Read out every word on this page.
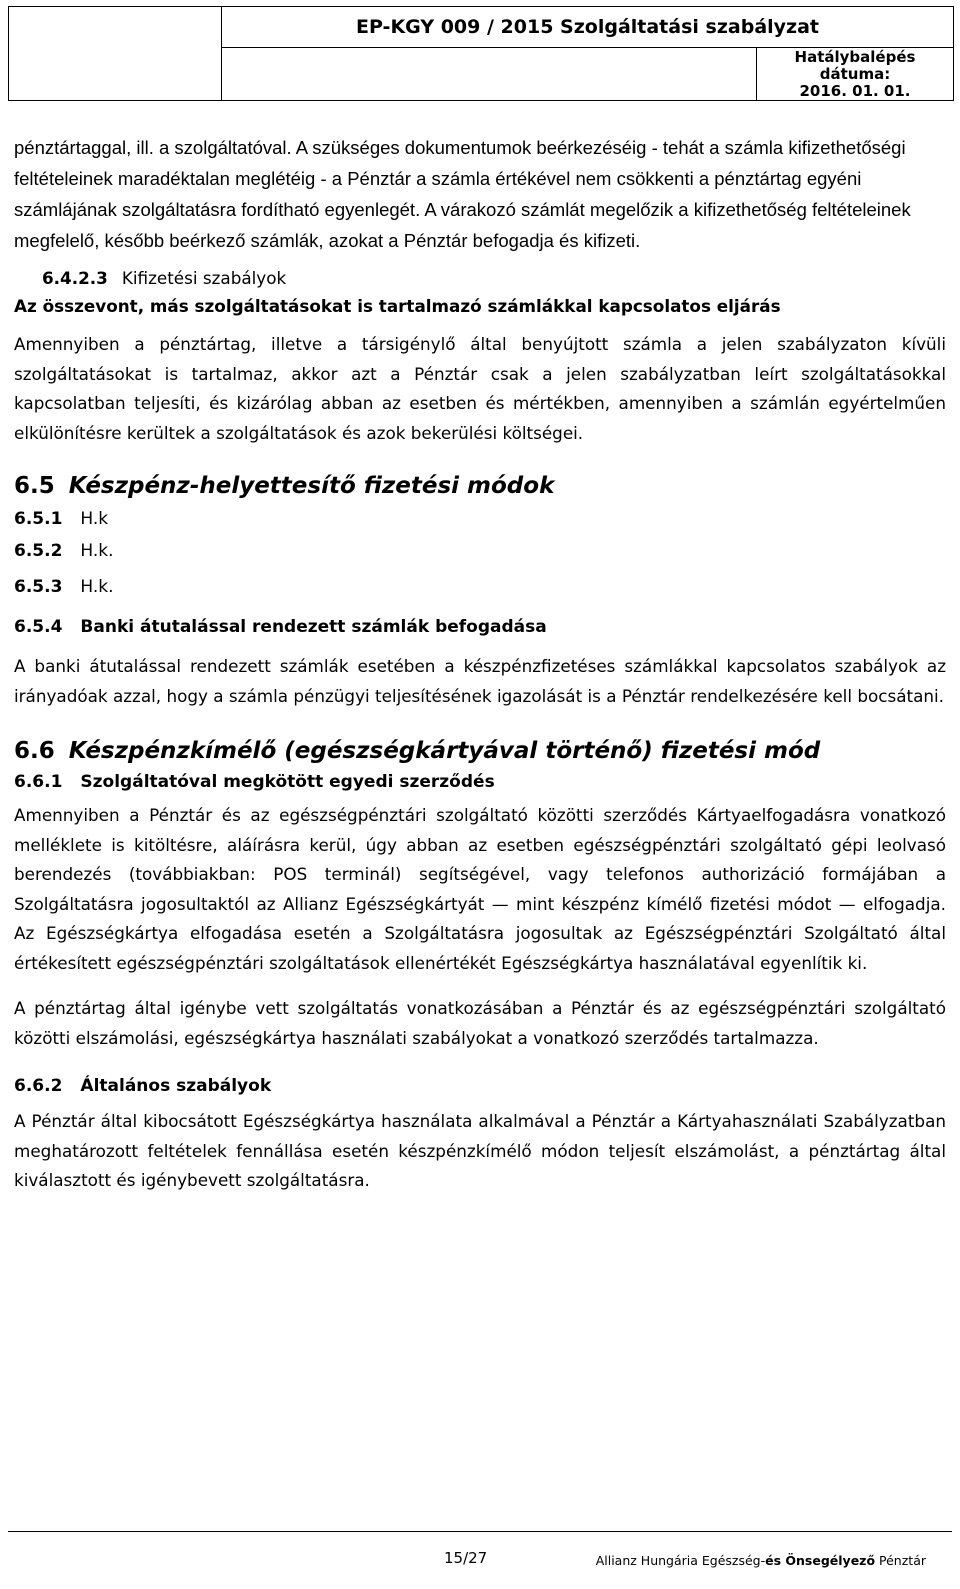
EP-KGY 009 / 2015 Szolgáltatási szabályzat
Hatálybalépés dátuma:
2016. 01. 01.

pénztártaggal, ill. a szolgáltatóval. A szükséges dokumentumok beérkezéséig - tehát a számla kifizethetőségi feltételeinek maradéktalan meglétéig - a Pénztár a számla értékével nem csökkenti a pénztártag egyéni számlájának szolgáltatásra fordítható egyenlegét. A várakozó számlát megelőzik a kifizethetőség feltételeinek megfelelő, később beérkező számlák, azokat a Pénztár befogadja és kifizeti.

6.4.2.3 Kifizetési szabályok

Az összevont, más szolgáltatásokat is tartalmazó számlákkal kapcsolatos eljárás

Amennyiben a pénztártag, illetve a társigénylő által benyújtott számla a jelen szabályzaton kívüli szolgáltatásokat is tartalmaz, akkor azt a Pénztár csak a jelen szabályzatban leírt szolgáltatásokkal kapcsolatban teljesíti, és kizárólag abban az esetben és mértékben, amennyiben a számlán egyértelműen elkülönítésre kerültek a szolgáltatások és azok bekerülési költségei.

6.5 Készpénz-helyettesítő fizetési módok

6.5.1 H.k

6.5.2 H.k.

6.5.3 H.k.

6.5.4 Banki átutalással rendezett számlák befogadása

A banki átutalással rendezett számlák esetében a készpénzfizetéses számlákkal kapcsolatos szabályok az irányadóak azzal, hogy a számla pénzügyi teljesítésének igazolását is a Pénztár rendelkezésére kell bocsátani.

6.6 Készpénzkímélő (egészségkártyával történő) fizetési mód

6.6.1 Szolgáltatóval megkötött egyedi szerződés

Amennyiben a Pénztár és az egészségpénztári szolgáltató közötti szerződés Kártyaelfogadásra vonatkozó melléklete is kitöltésre, aláírásra kerül, úgy abban az esetben egészségpénztári szolgáltató gépi leolvasó berendezés (továbbiakban: POS terminál) segítségével, vagy telefonos authorizáció formájában a Szolgáltatásra jogosultaktól az Allianz Egészségkártyát — mint készpénz kímélő fizetési módot — elfogadja. Az Egészségkártya elfogadása esetén a Szolgáltatásra jogosultak az Egészségpénztári Szolgáltató által értékesített egészségpénztári szolgáltatások ellenértékét Egészségkártya használatával egyenlítik ki.

A pénztártag által igénybe vett szolgáltatás vonatkozásában a Pénztár és az egészségpénztári szolgáltató közötti elszámolási, egészségkártya használati szabályokat a vonatkozó szerződés tartalmazza.

6.6.2 Általános szabályok

A Pénztár által kibocsátott Egészségkártya használata alkalmával a Pénztár a Kártyahasználati Szabályzatban meghatározott feltételek fennállása esetén készpénzkímélő módon teljesít elszámolást, a pénztártag által kiválasztott és igénybevett szolgáltatásra.

15/27	Allianz Hungária Egészség-és Önsegélyező Pénztár
